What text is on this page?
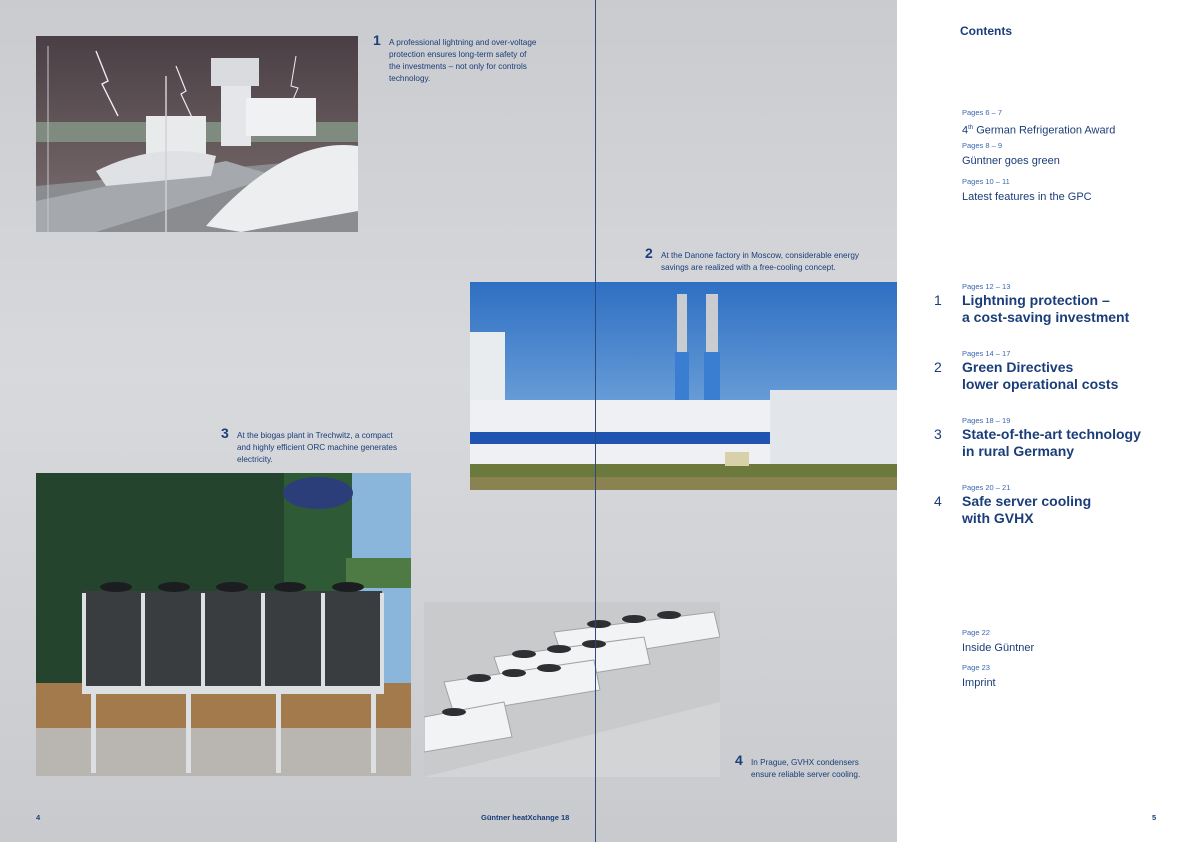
1 A professional lightning and over-voltage
protection ensures long-term safety of
the investments – not only for controls
technology.
2 At the Danone factory in Moscow, considerable energy
savings are realized with a free-cooling concept.
3 At the biogas plant in Trechwitz, a compact
and highly efficient ORC machine generates
electricity.
4 In Prague, GVHX condensers
ensure reliable server cooling.
4	Güntner heatXchange 18	5
Contents
Pages 6 – 7
4th German Refrigeration Award
Pages 8 – 9
Güntner goes green
Pages 10 – 11
Latest features in the GPC
Pages 12 – 13
1 Lightning protection –
a cost-saving investment
Pages 14 – 17
2 Green Directives
lower operational costs
Pages 18 – 19
3 State-of-the-art technology
in rural Germany
Pages 20 – 21
4 Safe server cooling
with GVHX
Page 22
Inside Güntner
Page 23
Imprint
